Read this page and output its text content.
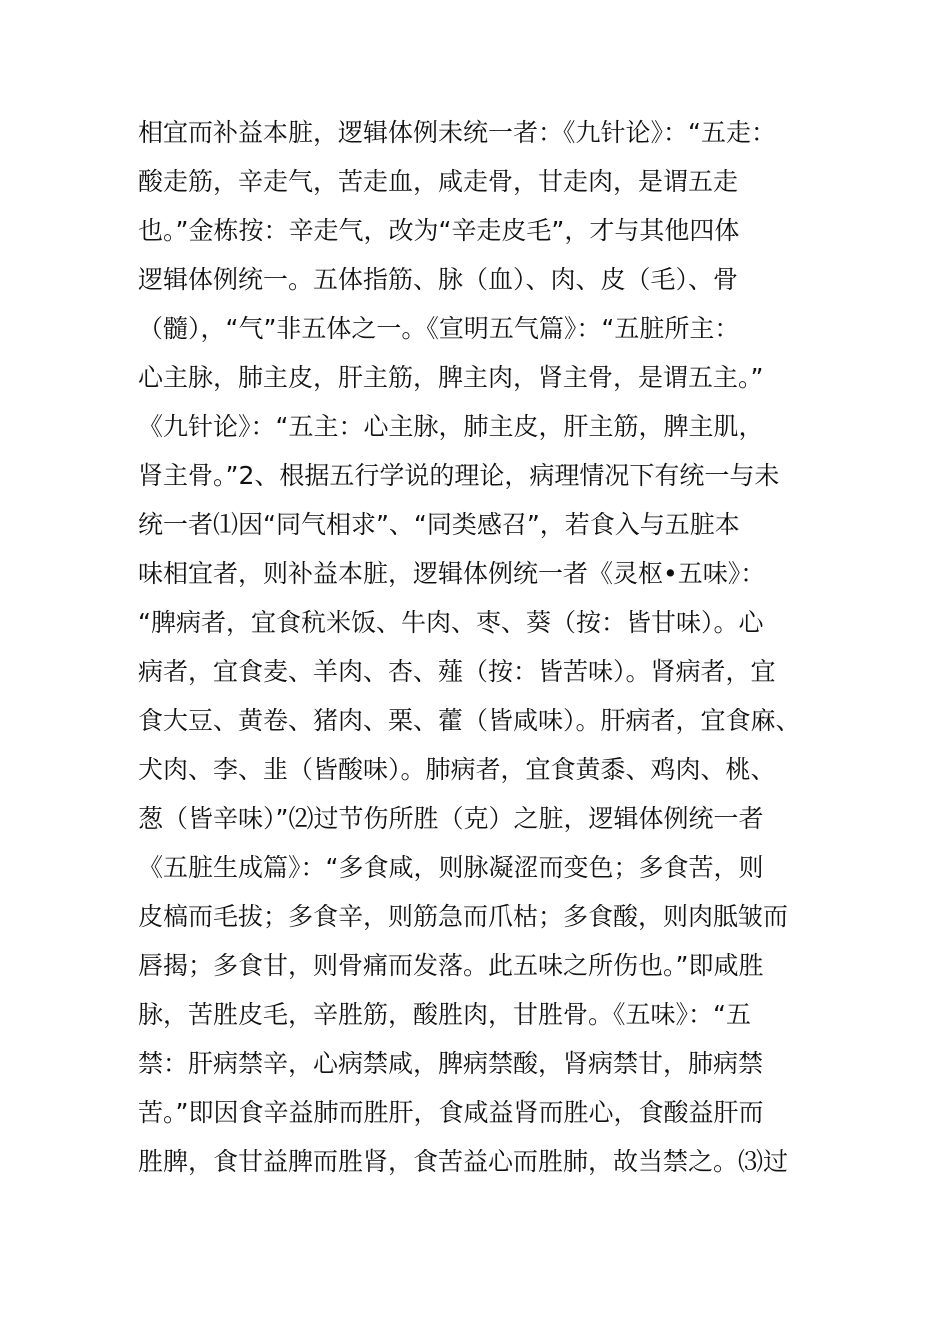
相宜而补益本脏，逻辑体例未统一者：《九针论》：“五走：
酸走筋，辛走气，苦走血，咸走骨，甘走肉，是谓五走
也。”金栋按：辛走气，改为“辛走皮毛”，才与其他四体
逻辑体例统一。五体指筋、脉（血）、肉、皮（毛）、骨
（髓），“气”非五体之一。《宣明五气篇》：“五脏所主：
心主脉，肺主皮，肝主筋，脾主肉，肾主骨，是谓五主。”
《九针论》：“五主：心主脉，肺主皮，肝主筋，脾主肌，
肾主骨。”2、根据五行学说的理论，病理情况下有统一与未
统一者⑴因“同气相求”、“同类感召”，若食入与五脏本
味相宜者，则补益本脏，逻辑体例统一者《灵枢•五味》：
“脾病者，宜食秔米饭、牛肉、枣、葵（按：皆甘味）。心
病者，宜食麦、羊肉、杏、薤（按：皆苦味）。肾病者，宜
食大豆、黄卷、猪肉、栗、藿（皆咸味）。肝病者，宜食麻、
犬肉、李、韭（皆酸味）。肺病者，宜食黄黍、鸡肉、桃、
葱（皆辛味）”⑵过节伤所胜（克）之脏，逻辑体例统一者
《五脏生成篇》：“多食咸，则脉凝涩而变色；多食苦，则
皮槁而毛拔；多食辛，则筋急而爪枯；多食酸，则肉胝皱而
唇揭；多食甘，则骨痛而发落。此五味之所伤也。”即咸胜
脉，苦胜皮毛，辛胜筋，酸胜肉，甘胜骨。《五味》：“五
禁：肝病禁辛，心病禁咸，脾病禁酸，肾病禁甘，肺病禁
苦。”即因食辛益肺而胜肝，食咸益肾而胜心，食酸益肝而
胜脾，食甘益脾而胜肾，食苦益心而胜肺，故当禁之。⑶过
